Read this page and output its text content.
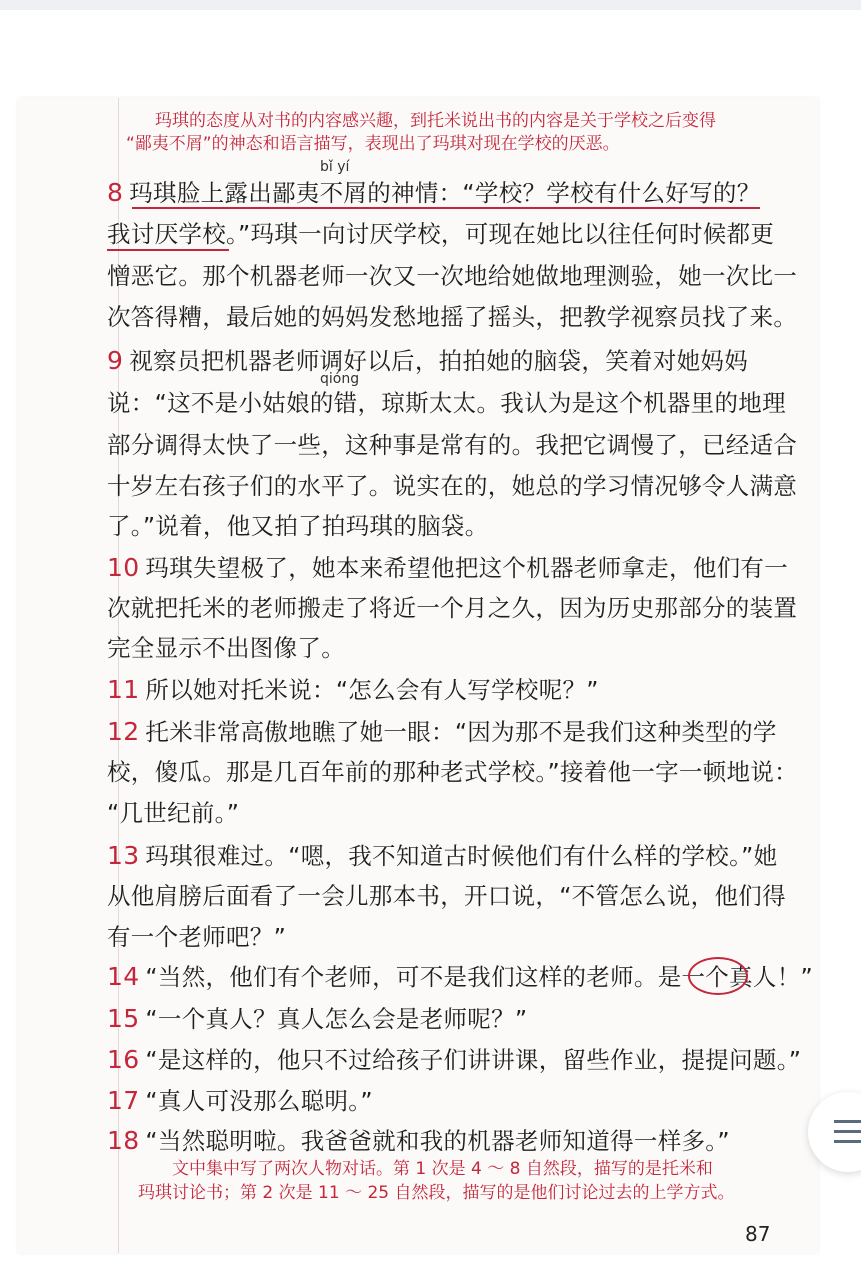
玛琪的态度从对书的内容感兴趣，到托米说出书的内容是关于学校之后变得
“鄙夷不屑”的神态和语言描写，表现出了玛琪对现在学校的厌恶。
bǐ yí
qióng
8 玛琪脸上露出鄙夷不屑的神情：“学校？学校有什么好写的？
我讨厌学校。”玛琪一向讨厌学校，可现在她比以往任何时候都更
憎恶它。那个机器老师一次又一次地给她做地理测验，她一次比一
次答得糟，最后她的妈妈发愁地摇了摇头，把教学视察员找了来。
9 视察员把机器老师调好以后，拍拍她的脑袋，笑着对她妈妈
说：“这不是小姑娘的错，琼斯太太。我认为是这个机器里的地理
部分调得太快了一些，这种事是常有的。我把它调慢了，已经适合
十岁左右孩子们的水平了。说实在的，她总的学习情况够令人满意
了。”说着，他又拍了拍玛琪的脑袋。
10 玛琪失望极了，她本来希望他把这个机器老师拿走，他们有一
次就把托米的老师搬走了将近一个月之久，因为历史那部分的装置
完全显示不出图像了。
11 所以她对托米说：“怎么会有人写学校呢？”
12 托米非常高傲地瞧了她一眼：“因为那不是我们这种类型的学
校，傻瓜。那是几百年前的那种老式学校。”接着他一字一顿地说：
“几世纪前。”
13 玛琪很难过。“嗯，我不知道古时候他们有什么样的学校。”她
从他肩膀后面看了一会儿那本书，开口说，“不管怎么说，他们得
有一个老师吧？”
14 “当然，他们有个老师，可不是我们这样的老师。是一个真人！”
15 “一个真人？真人怎么会是老师呢？”
16 “是这样的，他只不过给孩子们讲讲课，留些作业，提提问题。”
17 “真人可没那么聪明。”
18 “当然聪明啦。我爸爸就和我的机器老师知道得一样多。”
文中集中写了两次人物对话。第 1 次是 4 ～ 8 自然段，描写的是托米和
玛琪讨论书；第 2 次是 11 ～ 25 自然段，描写的是他们讨论过去的上学方式。
87
